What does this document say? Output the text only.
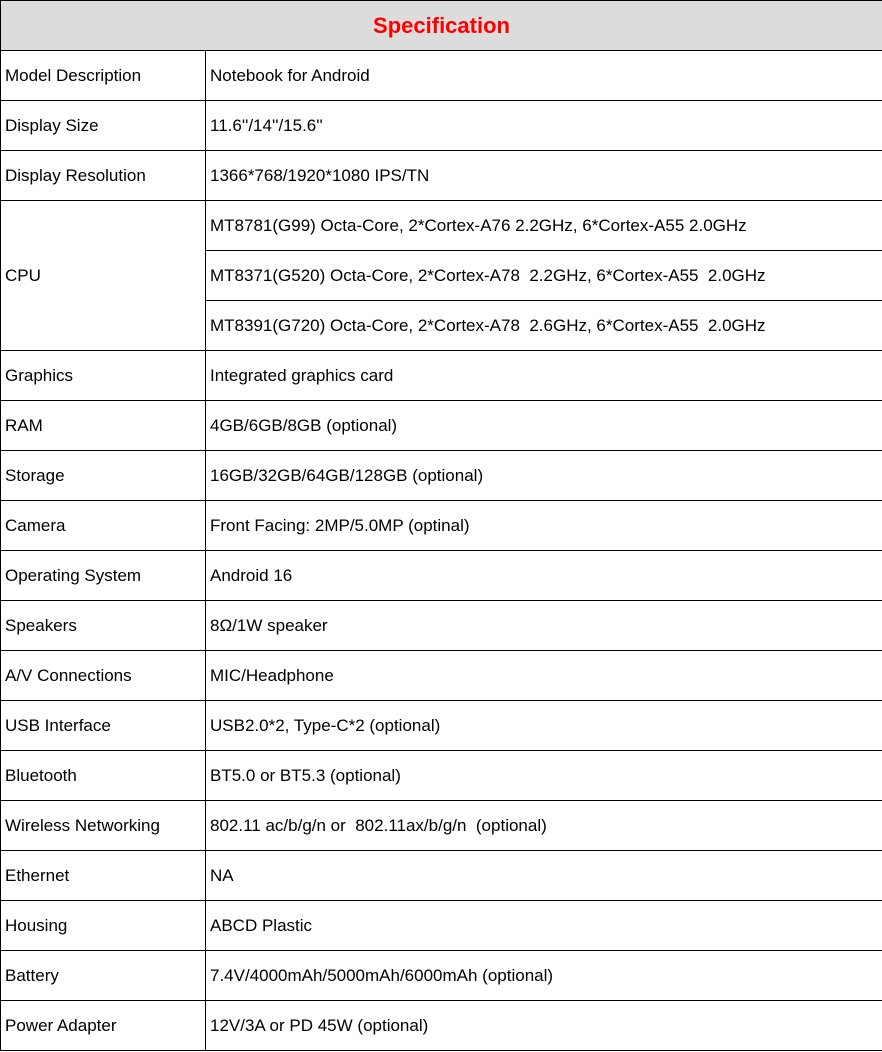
Specification	
Model Description	Notebook for Android
Display Size	11.6''/14''/15.6''
Display Resolution	1366*768/1920*1080 IPS/TN
CPU	MT8781(G99) Octa-Core, 2*Cortex-A76 2.2GHz, 6*Cortex-A55 2.0GHz
	MT8371(G520) Octa-Core, 2*Cortex-A78  2.2GHz, 6*Cortex-A55  2.0GHz
	MT8391(G720) Octa-Core, 2*Cortex-A78  2.6GHz, 6*Cortex-A55  2.0GHz
Graphics	Integrated graphics card
RAM	4GB/6GB/8GB (optional)
Storage	16GB/32GB/64GB/128GB (optional)
Camera	Front Facing: 2MP/5.0MP (optinal)
Operating System	Android 16
Speakers	8Ω/1W speaker
A/V Connections	MIC/Headphone
USB Interface	USB2.0*2, Type-C*2 (optional)
Bluetooth	BT5.0 or BT5.3 (optional)
Wireless Networking	802.11 ac/b/g/n or  802.11ax/b/g/n  (optional)
Ethernet	NA
Housing	ABCD Plastic
Battery	7.4V/4000mAh/5000mAh/6000mAh (optional)
Power Adapter	12V/3A or PD 45W (optional)
